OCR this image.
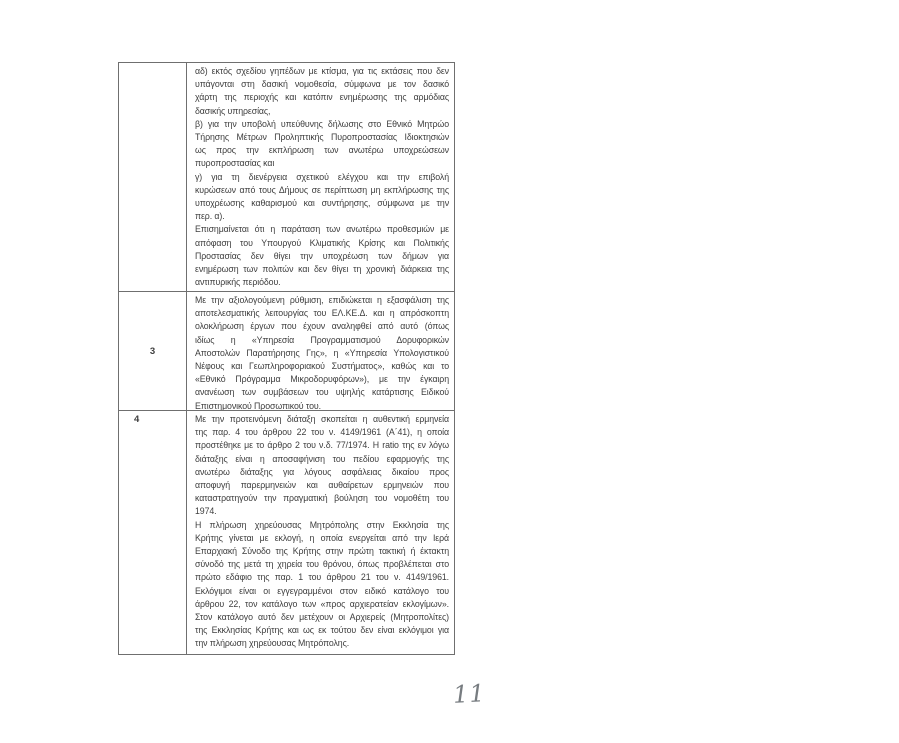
αδ) εκτός σχεδίου γηπέδων με κτίσμα, για τις εκτάσεις που δεν
υπάγονται στη δασική νομοθεσία, σύμφωνα με τον δασικό
χάρτη της περιοχής και κατόπιν ενημέρωσης της αρμόδιας
δασικής υπηρεσίας,
β) για την υποβολή υπεύθυνης δήλωσης στο Εθνικό Μητρώο
Τήρησης Μέτρων Προληπτικής Πυροπροστασίας Ιδιοκτησιών
ως προς την εκπλήρωση των ανωτέρω υποχρεώσεων
πυροπροστασίας και
γ) για τη διενέργεια σχετικού ελέγχου και την επιβολή
κυρώσεων από τους Δήμους σε περίπτωση μη εκπλήρωσης της
υποχρέωσης καθαρισμού και συντήρησης, σύμφωνα με την
περ. α).
Επισημαίνεται ότι η παράταση των ανωτέρω προθεσμιών με
απόφαση του Υπουργού Κλιματικής Κρίσης και Πολιτικής
Προστασίας δεν θίγει την υποχρέωση των δήμων για
ενημέρωση των πολιτών και δεν θίγει τη χρονική διάρκεια της
αντιπυρικής περιόδου.
3
Με την αξιολογούμενη ρύθμιση, επιδιώκεται η εξασφάλιση της
αποτελεσματικής λειτουργίας του ΕΛ.ΚΕ.Δ. και η απρόσκοπτη
ολοκλήρωση έργων που έχουν αναληφθεί από αυτό (όπως
ιδίως η «Υπηρεσία Προγραμματισμού Δορυφορικών
Αποστολών Παρατήρησης Γης», η «Υπηρεσία Υπολογιστικού
Νέφους και Γεωπληροφοριακού Συστήματος», καθώς και το
«Εθνικό Πρόγραμμα Μικροδορυφόρων»), με την έγκαιρη
ανανέωση των συμβάσεων του υψηλής κατάρτισης Ειδικού
Επιστημονικού Προσωπικού του.
4	Με την προτεινόμενη διάταξη σκοπείται η αυθεντική ερμηνεία
της παρ. 4 του άρθρου 22 του ν. 4149/1961 (Α΄41), η οποία
προστέθηκε με το άρθρο 2 του ν.δ. 77/1974. Η ratio της εν λόγω
διάταξης είναι η αποσαφήνιση του πεδίου εφαρμογής της
ανωτέρω διάταξης για λόγους ασφάλειας δικαίου προς
αποφυγή παρερμηνειών και αυθαίρετων ερμηνειών που
καταστρατηγούν την πραγματική βούληση του νομοθέτη του
1974.
Η πλήρωση χηρεύουσας Μητρόπολης στην Εκκλησία της
Κρήτης γίνεται με εκλογή, η οποία ενεργείται από την Ιερά
Επαρχιακή Σύνοδο της Κρήτης στην πρώτη τακτική ή έκτακτη
σύνοδό της μετά τη χηρεία του θρόνου, όπως προβλέπεται στο
πρώτο εδάφιο της παρ. 1 του άρθρου 21 του ν. 4149/1961.
Εκλόγιμοι είναι οι εγγεγραμμένοι στον ειδικό κατάλογο του
άρθρου 22, τον κατάλογο των «προς αρχιερατείαν εκλογίμων».
Στον κατάλογο αυτό δεν μετέχουν οι Αρχιερείς (Μητροπολίτες)
της Εκκλησίας Κρήτης και ως εκ τούτου δεν είναι εκλόγιμοι για
την πλήρωση χηρεύουσας Μητρόπολης.
11
